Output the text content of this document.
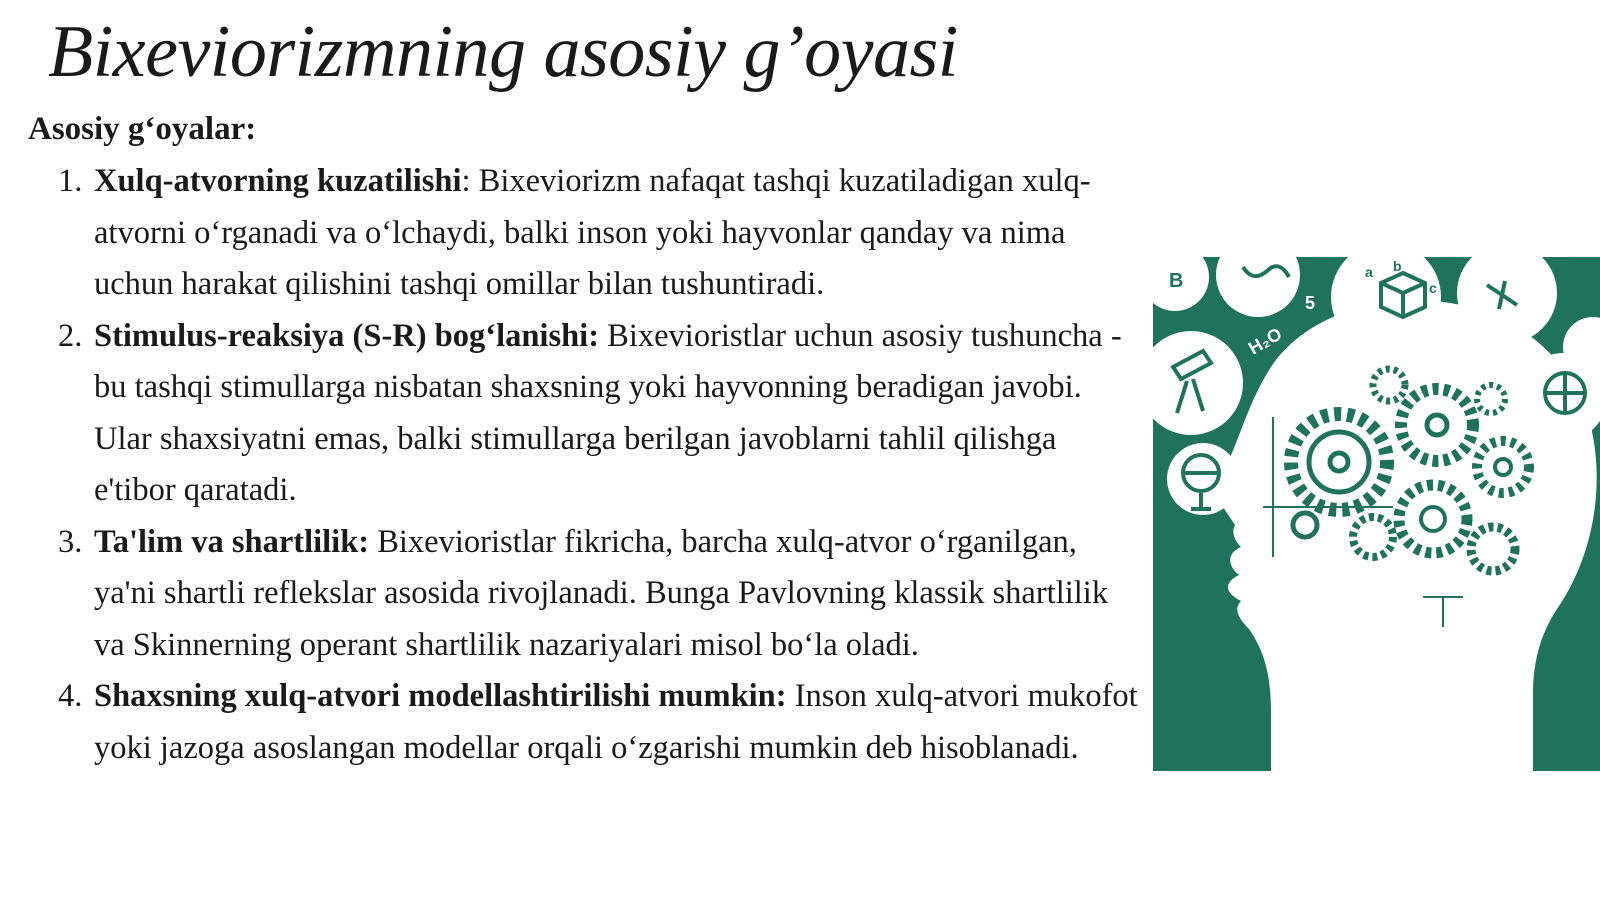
Bixeviorizmning asosiy g’oyasi
Asosiy g‘oyalar:
1. Xulq-atvorning kuzatilishi: Bixeviorizm nafaqat tashqi kuzatiladigan xulq-atvorni o‘rganadi va o‘lchaydi, balki inson yoki hayvonlar qanday va nima uchun harakat qilishini tashqi omillar bilan tushuntiradi.
2. Stimulus-reaksiya (S-R) bog‘lanishi: Bixevioristlar uchun asosiy tushuncha - bu tashqi stimullarga nisbatan shaxsning yoki hayvonning beradigan javobi. Ular shaxsiyatni emas, balki stimullarga berilgan javoblarni tahlil qilishga e'tibor qaratadi.
3. Ta'lim va shartlilik: Bixevioristlar fikricha, barcha xulq-atvor o‘rganilgan, ya'ni shartli reflekslar asosida rivojlanadi. Bunga Pavlovning klassik shartlilik va Skinnerning operant shartlilik nazariyalari misol bo‘la oladi.
4. Shaxsning xulq-atvori modellashtirilishi mumkin: Inson xulq-atvori mukofot yoki jazoga asoslangan modellar orqali o‘zgarishi mumkin deb hisoblanadi.
B	a b
c
H
H₂O
5
